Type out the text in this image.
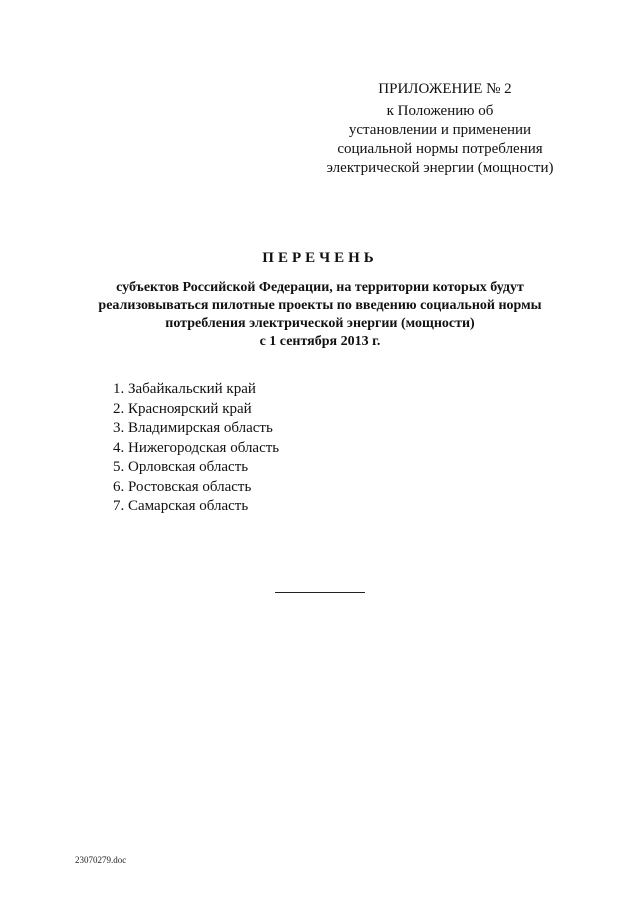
ПРИЛОЖЕНИЕ № 2
к Положению об
установлении и применении
социальной нормы потребления
электрической энергии (мощности)
ПЕРЕЧЕНЬ
субъектов Российской Федерации, на территории которых будут
реализовываться пилотные проекты по введению социальной нормы
потребления электрической энергии (мощности)
с 1 сентября 2013 г.
1. Забайкальский край
2. Красноярский край
3. Владимирская область
4. Нижегородская область
5. Орловская область
6. Ростовская область
7. Самарская область
23070279.doc
